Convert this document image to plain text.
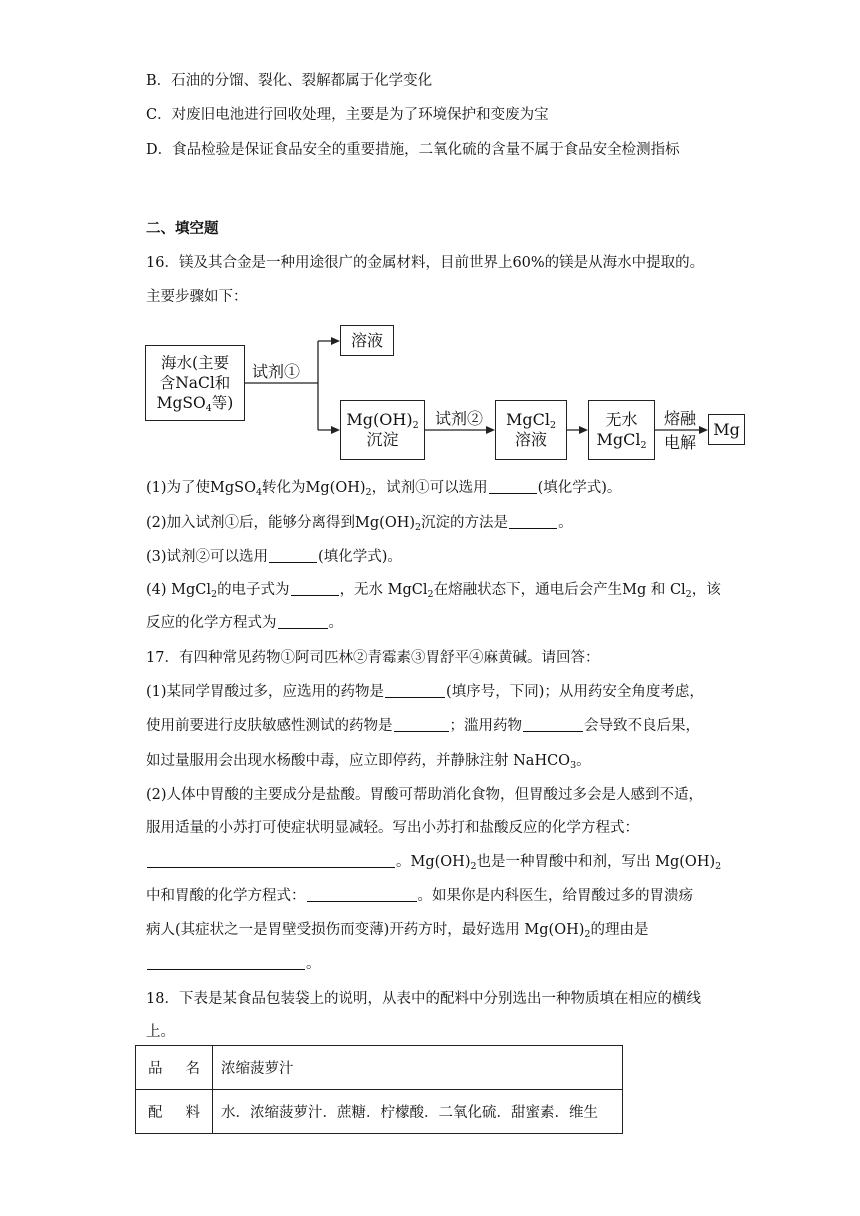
B．石油的分馏、裂化、裂解都属于化学变化
C．对废旧电池进行回收处理，主要是为了环境保护和变废为宝
D．食品检验是保证食品安全的重要措施，二氧化硫的含量不属于食品安全检测指标
二、填空题
16．镁及其合金是一种用途很广的金属材料，目前世界上60%的镁是从海水中提取的。
主要步骤如下：
海水(主要
含NaCl和
MgSO$_4$等)
试剂①
溶液
$Mg(OH)_2$
沉淀
试剂② MgCl$_2$
溶液
无水
MgCl$_2$
熔融
电解
Mg
(1)为了使MgSO$_4$转化为$Mg(OH)_2$，试剂①可以选用	(填化学式)。
(2)加入试剂①后，能够分离得到$Mg(OH)_2$沉淀的方法是	。
(3)试剂②可以选用	(填化学式)。
(4) MgCl$_2$的电子式为	，无水 MgCl$_2$在熔融状态下，通电后会产生Mg 和 $Cl_2$，该
反应的化学方程式为	。
17．有四种常见药物①阿司匹林②青霉素③胃舒平④麻黄碱。请回答：
(1)某同学胃酸过多，应选用的药物是	(填序号，下同)；从用药安全角度考虑，
使用前要进行皮肤敏感性测试的药物是	；滥用药物	会导致不良后果，
如过量服用会出现水杨酸中毒，应立即停药，并静脉注射 NaHCO$_3$。
(2)人体中胃酸的主要成分是盐酸。胃酸可帮助消化食物，但胃酸过多会是人感到不适，
服用适量的小苏打可使症状明显减轻。写出小苏打和盐酸反应的化学方程式：
。$Mg(OH)_2$也是一种胃酸中和剂，写出 $Mg(OH)_2$
中和胃酸的化学方程式：	。如果你是内科医生，给胃酸过多的胃溃疡
病人(其症状之一是胃壁受损伤而变薄)开药方时，最好选用 $Mg(OH)_2$的理由是
。
18．下表是某食品包装袋上的说明，从表中的配料中分别选出一种物质填在相应的横线
上。
品 名	浓缩菠萝汁

配 料	水．浓缩菠萝汁．蔗糖．柠檬酸．二氧化硫．甜蜜素．维生
